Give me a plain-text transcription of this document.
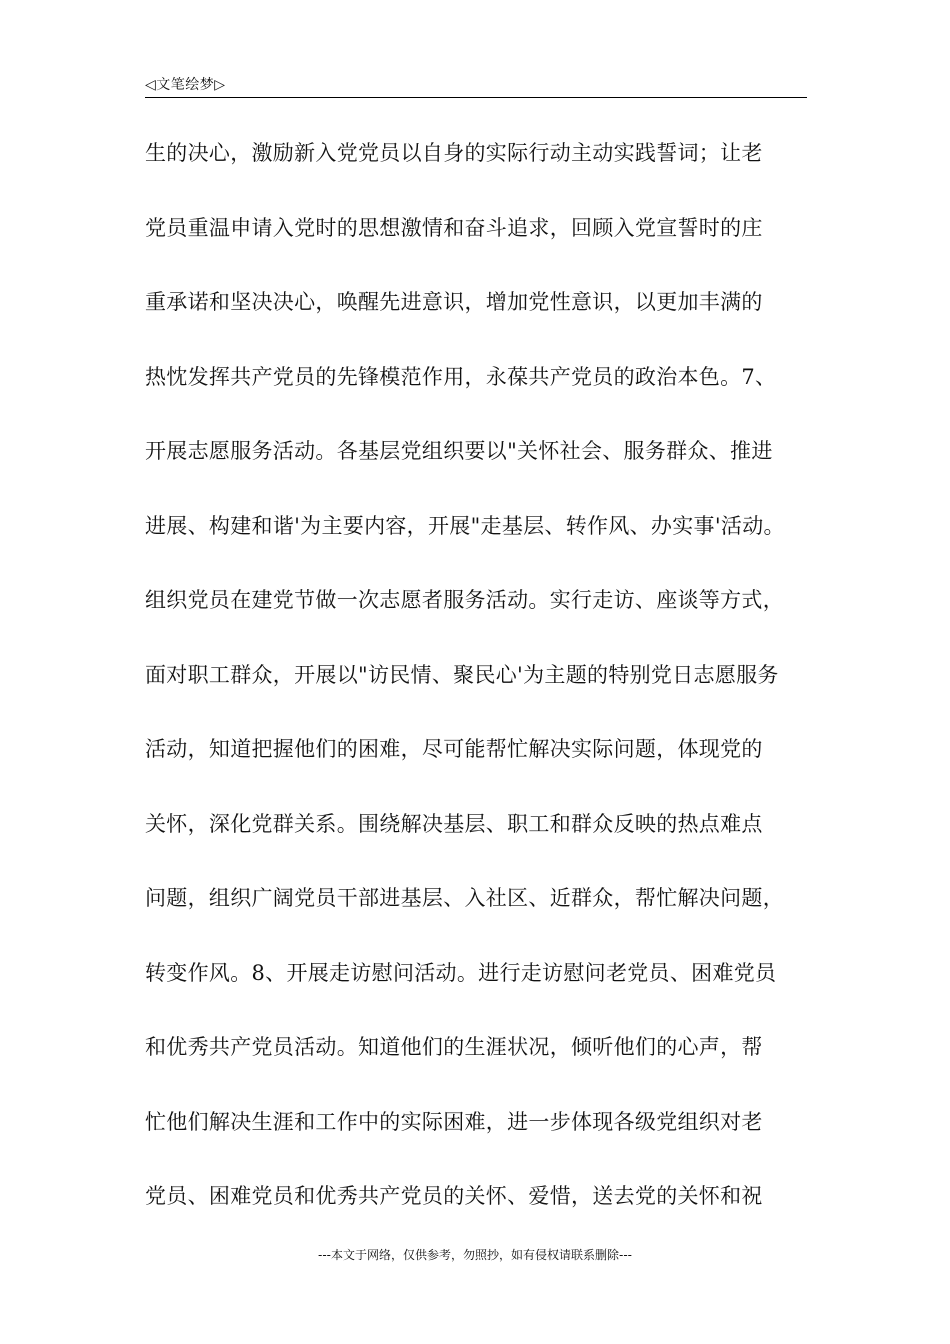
◁文笔绘梦▷
生的决心，激励新入党党员以自身的实际行动主动实践誓词；让老
党员重温申请入党时的思想激情和奋斗追求，回顾入党宣誓时的庄
重承诺和坚决决心，唤醒先进意识，增加党性意识，以更加丰满的
热忱发挥共产党员的先锋模范作用，永葆共产党员的政治本色。7、
开展志愿服务活动。各基层党组织要以"关怀社会、服务群众、推进
进展、构建和谐'为主要内容，开展"走基层、转作风、办实事'活动。
组织党员在建党节做一次志愿者服务活动。实行走访、座谈等方式，
面对职工群众，开展以"访民情、聚民心'为主题的特别党日志愿服务
活动，知道把握他们的困难，尽可能帮忙解决实际问题，体现党的
关怀，深化党群关系。围绕解决基层、职工和群众反映的热点难点
问题，组织广阔党员干部进基层、入社区、近群众，帮忙解决问题，
转变作风。8、开展走访慰问活动。进行走访慰问老党员、困难党员
和优秀共产党员活动。知道他们的生涯状况，倾听他们的心声，帮
忙他们解决生涯和工作中的实际困难，进一步体现各级党组织对老
党员、困难党员和优秀共产党员的关怀、爱惜，送去党的关怀和祝
---本文于网络，仅供参考，勿照抄，如有侵权请联系删除---
